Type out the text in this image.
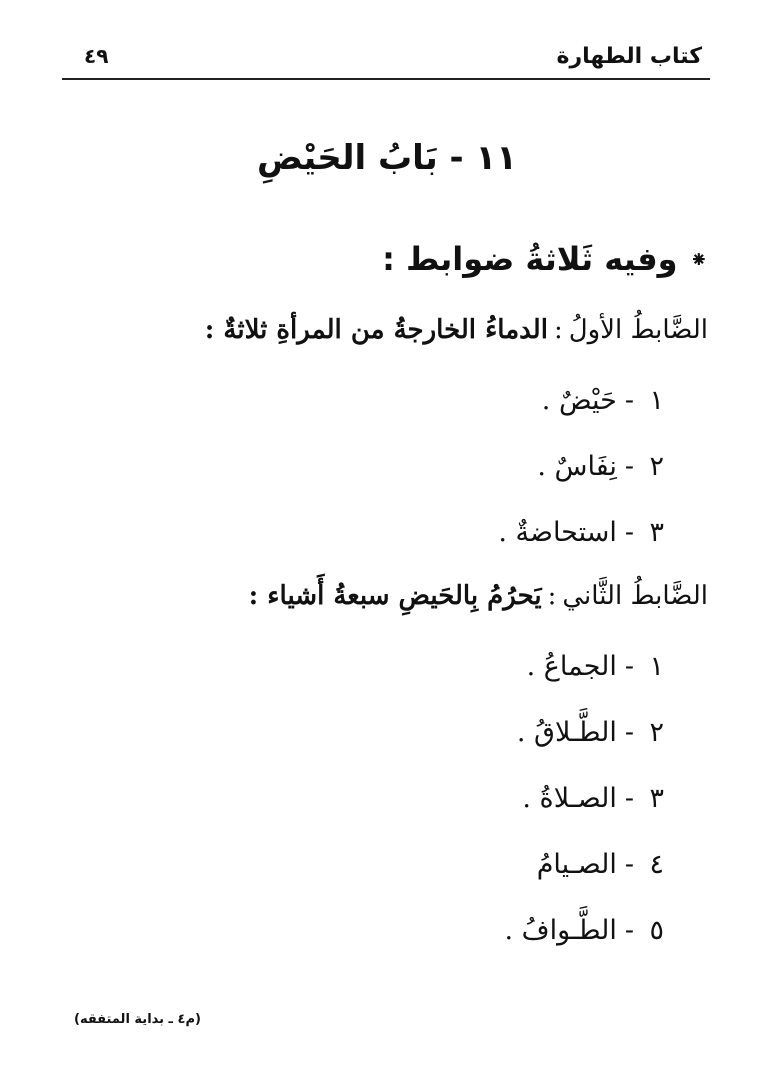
كتاب الطهارة
٤٩
١١ - بَابُ الحَيْضِ
⁕وفيه ثَلاثةُ ضوابط :
الضَّابطُ الأولُ:الدماءُ الخارجةُ من المرأةِ ثلاثةٌ :
١-حَيْضٌ .
٢-نِفَاسٌ .
٣-استحاضةٌ .
الضَّابطُ الثَّاني:يَحرُمُ بِالحَيضِ سبعةُ أَشياء :
١-الجماعُ .
٢-الطَّـلاقُ .
٣-الصـلاةُ .
٤-الصـيامُ
٥-الطَّـوافُ .
(م٤ ـ بداية المتفقه)
